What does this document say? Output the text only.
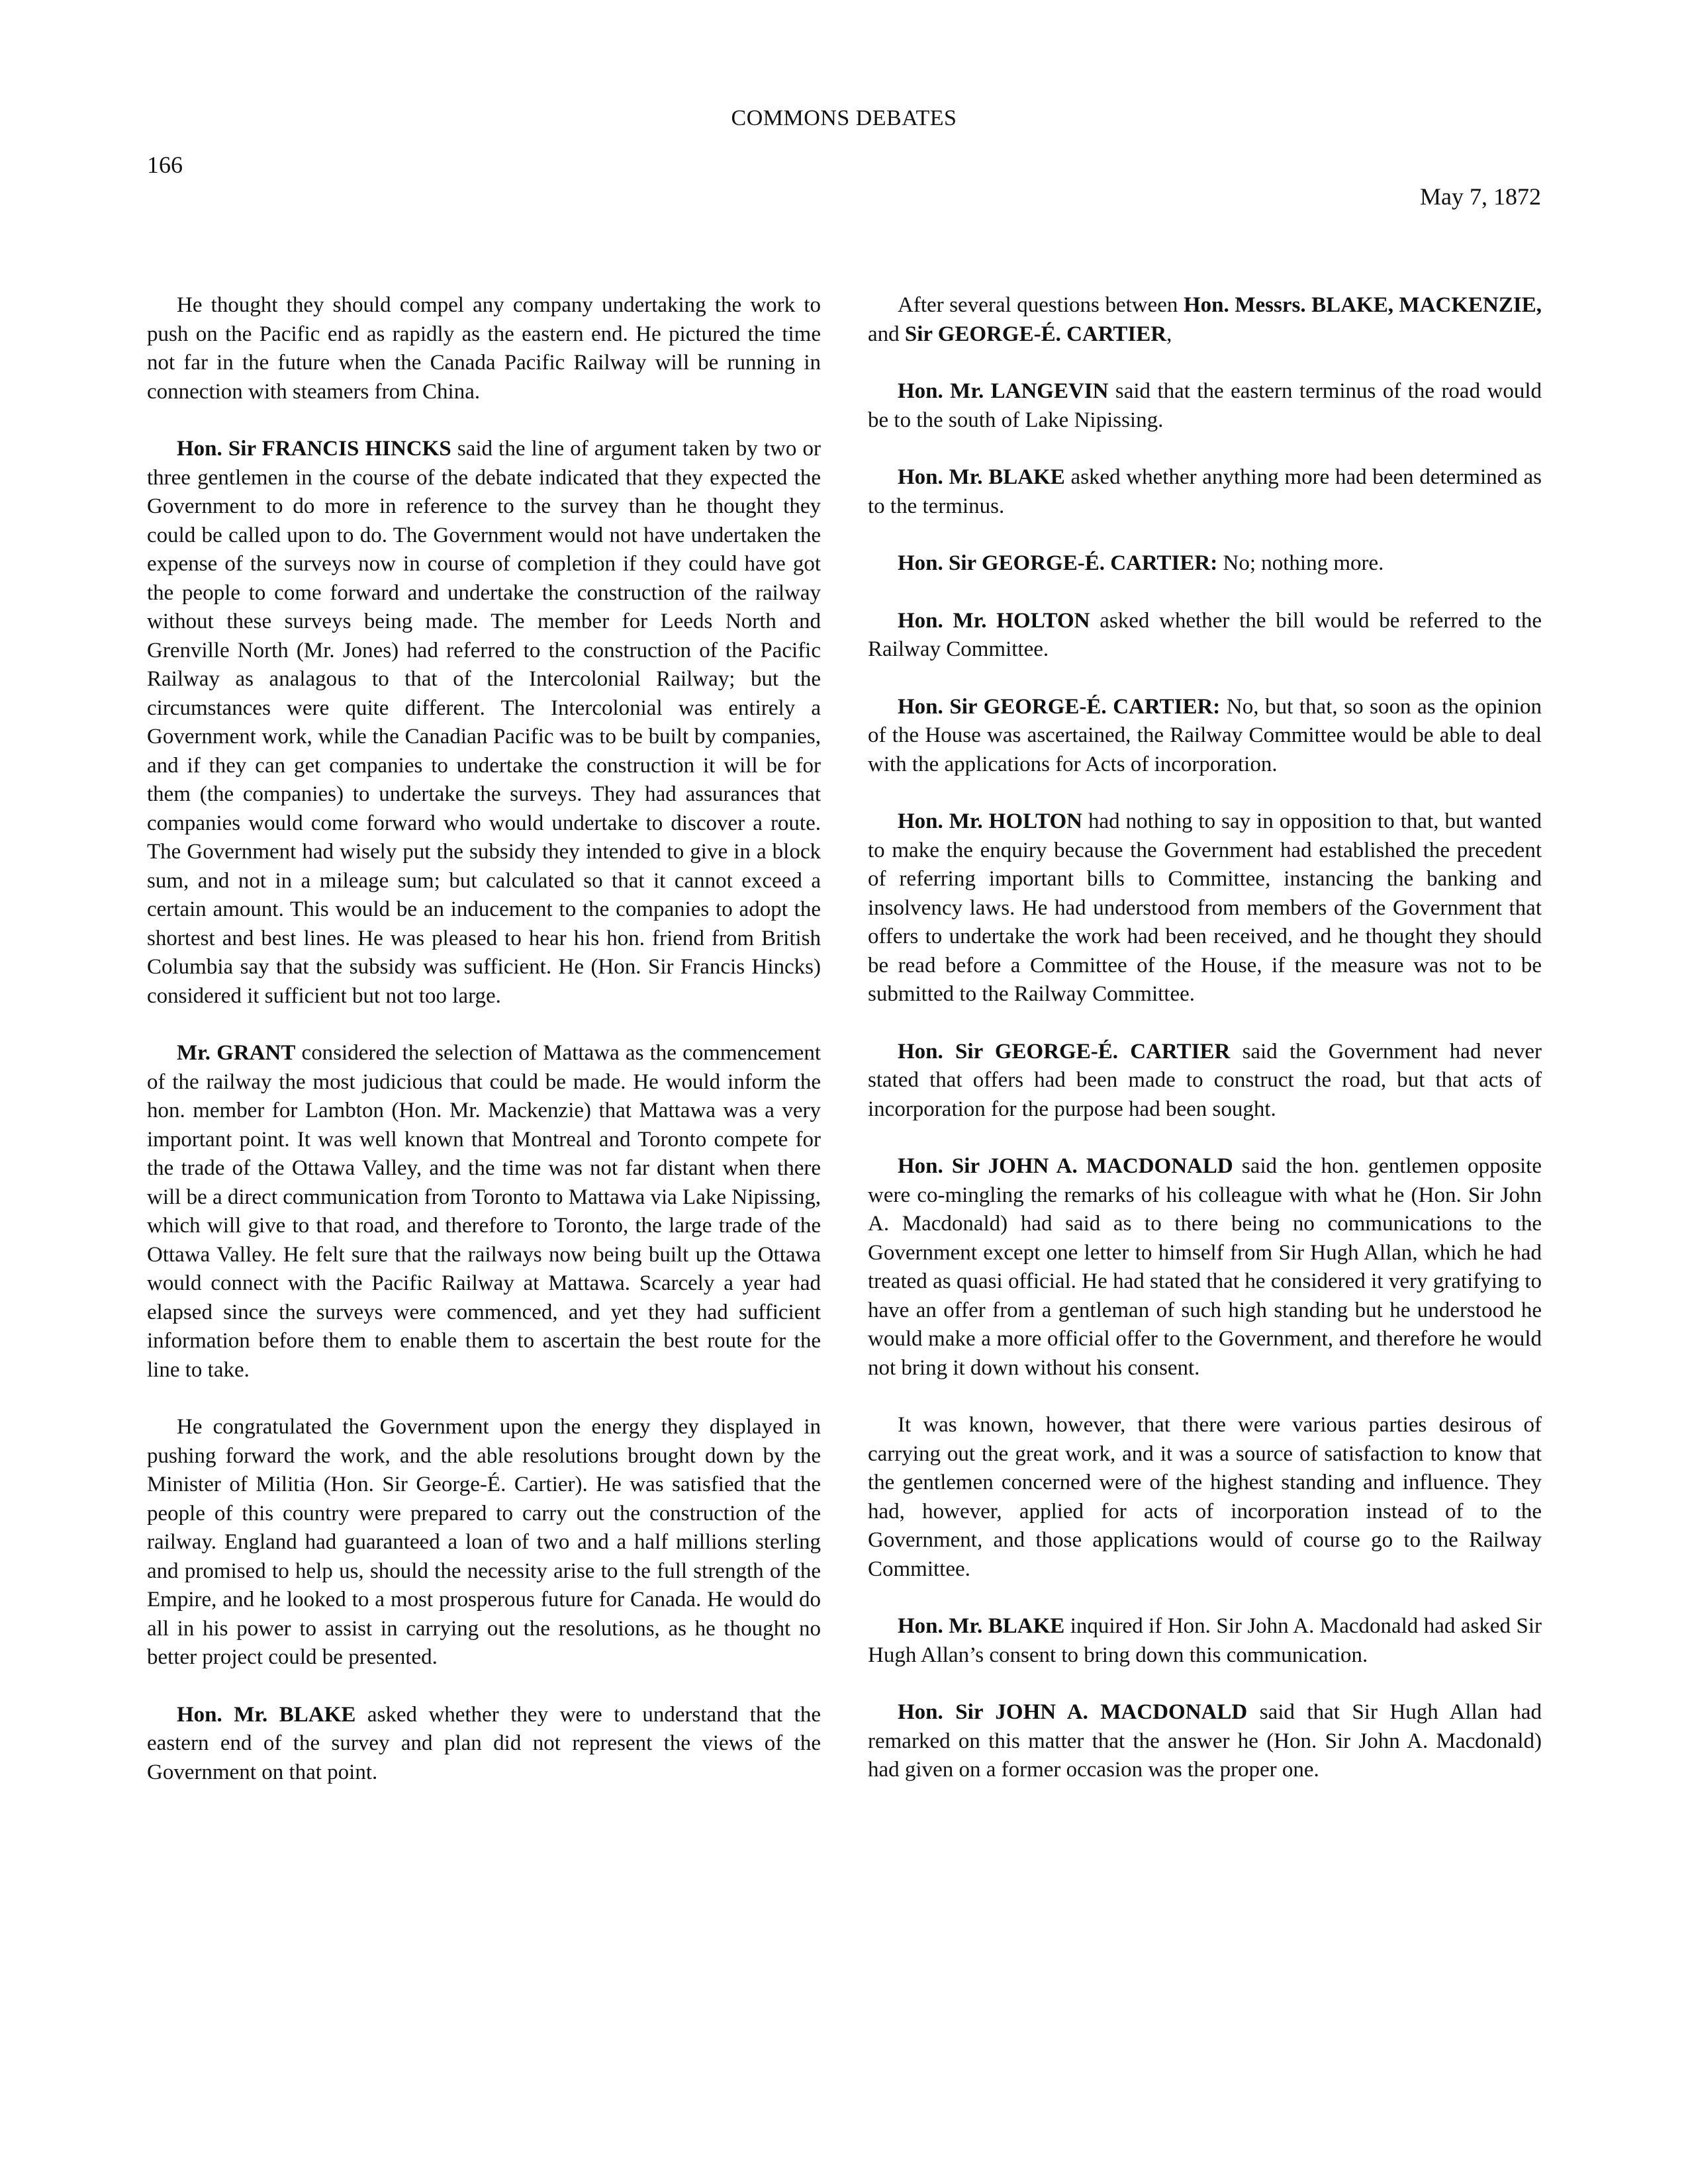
COMMONS DEBATES
166
May 7, 1872

He thought they should compel any company undertaking the work to push on the Pacific end as rapidly as the eastern end. He pictured the time not far in the future when the Canada Pacific Railway will be running in connection with steamers from China.

Hon. Sir FRANCIS HINCKS said the line of argument taken by two or three gentlemen in the course of the debate indicated that they expected the Government to do more in reference to the survey than he thought they could be called upon to do. The Government would not have undertaken the expense of the surveys now in course of completion if they could have got the people to come forward and undertake the construction of the railway without these surveys being made. The member for Leeds North and Grenville North (Mr. Jones) had referred to the construction of the Pacific Railway as analagous to that of the Intercolonial Railway; but the circumstances were quite different. The Intercolonial was entirely a Government work, while the Canadian Pacific was to be built by companies, and if they can get companies to undertake the construction it will be for them (the companies) to undertake the surveys. They had assurances that companies would come forward who would undertake to discover a route. The Government had wisely put the subsidy they intended to give in a block sum, and not in a mileage sum; but calculated so that it cannot exceed a certain amount. This would be an inducement to the companies to adopt the shortest and best lines. He was pleased to hear his hon. friend from British Columbia say that the subsidy was sufficient. He (Hon. Sir Francis Hincks) considered it sufficient but not too large.

Mr. GRANT considered the selection of Mattawa as the commencement of the railway the most judicious that could be made. He would inform the hon. member for Lambton (Hon. Mr. Mackenzie) that Mattawa was a very important point. It was well known that Montreal and Toronto compete for the trade of the Ottawa Valley, and the time was not far distant when there will be a direct communication from Toronto to Mattawa via Lake Nipissing, which will give to that road, and therefore to Toronto, the large trade of the Ottawa Valley. He felt sure that the railways now being built up the Ottawa would connect with the Pacific Railway at Mattawa. Scarcely a year had elapsed since the surveys were commenced, and yet they had sufficient information before them to enable them to ascertain the best route for the line to take.

He congratulated the Government upon the energy they displayed in pushing forward the work, and the able resolutions brought down by the Minister of Militia (Hon. Sir George-É. Cartier). He was satisfied that the people of this country were prepared to carry out the construction of the railway. England had guaranteed a loan of two and a half millions sterling and promised to help us, should the necessity arise to the full strength of the Empire, and he looked to a most prosperous future for Canada. He would do all in his power to assist in carrying out the resolutions, as he thought no better project could be presented.

Hon. Mr. BLAKE asked whether they were to understand that the eastern end of the survey and plan did not represent the views of the Government on that point.

After several questions between Hon. Messrs. BLAKE, MACKENZIE, and Sir GEORGE-É. CARTIER,

Hon. Mr. LANGEVIN said that the eastern terminus of the road would be to the south of Lake Nipissing.

Hon. Mr. BLAKE asked whether anything more had been determined as to the terminus.

Hon. Sir GEORGE-É. CARTIER: No; nothing more.

Hon. Mr. HOLTON asked whether the bill would be referred to the Railway Committee.

Hon. Sir GEORGE-É. CARTIER: No, but that, so soon as the opinion of the House was ascertained, the Railway Committee would be able to deal with the applications for Acts of incorporation.

Hon. Mr. HOLTON had nothing to say in opposition to that, but wanted to make the enquiry because the Government had established the precedent of referring important bills to Committee, instancing the banking and insolvency laws. He had understood from members of the Government that offers to undertake the work had been received, and he thought they should be read before a Committee of the House, if the measure was not to be submitted to the Railway Committee.

Hon. Sir GEORGE-É. CARTIER said the Government had never stated that offers had been made to construct the road, but that acts of incorporation for the purpose had been sought.

Hon. Sir JOHN A. MACDONALD said the hon. gentlemen opposite were co-mingling the remarks of his colleague with what he (Hon. Sir John A. Macdonald) had said as to there being no communications to the Government except one letter to himself from Sir Hugh Allan, which he had treated as quasi official. He had stated that he considered it very gratifying to have an offer from a gentleman of such high standing but he understood he would make a more official offer to the Government, and therefore he would not bring it down without his consent.

It was known, however, that there were various parties desirous of carrying out the great work, and it was a source of satisfaction to know that the gentlemen concerned were of the highest standing and influence. They had, however, applied for acts of incorporation instead of to the Government, and those applications would of course go to the Railway Committee.

Hon. Mr. BLAKE inquired if Hon. Sir John A. Macdonald had asked Sir Hugh Allan’s consent to bring down this communication.

Hon. Sir JOHN A. MACDONALD said that Sir Hugh Allan had remarked on this matter that the answer he (Hon. Sir John A. Macdonald) had given on a former occasion was the proper one.
